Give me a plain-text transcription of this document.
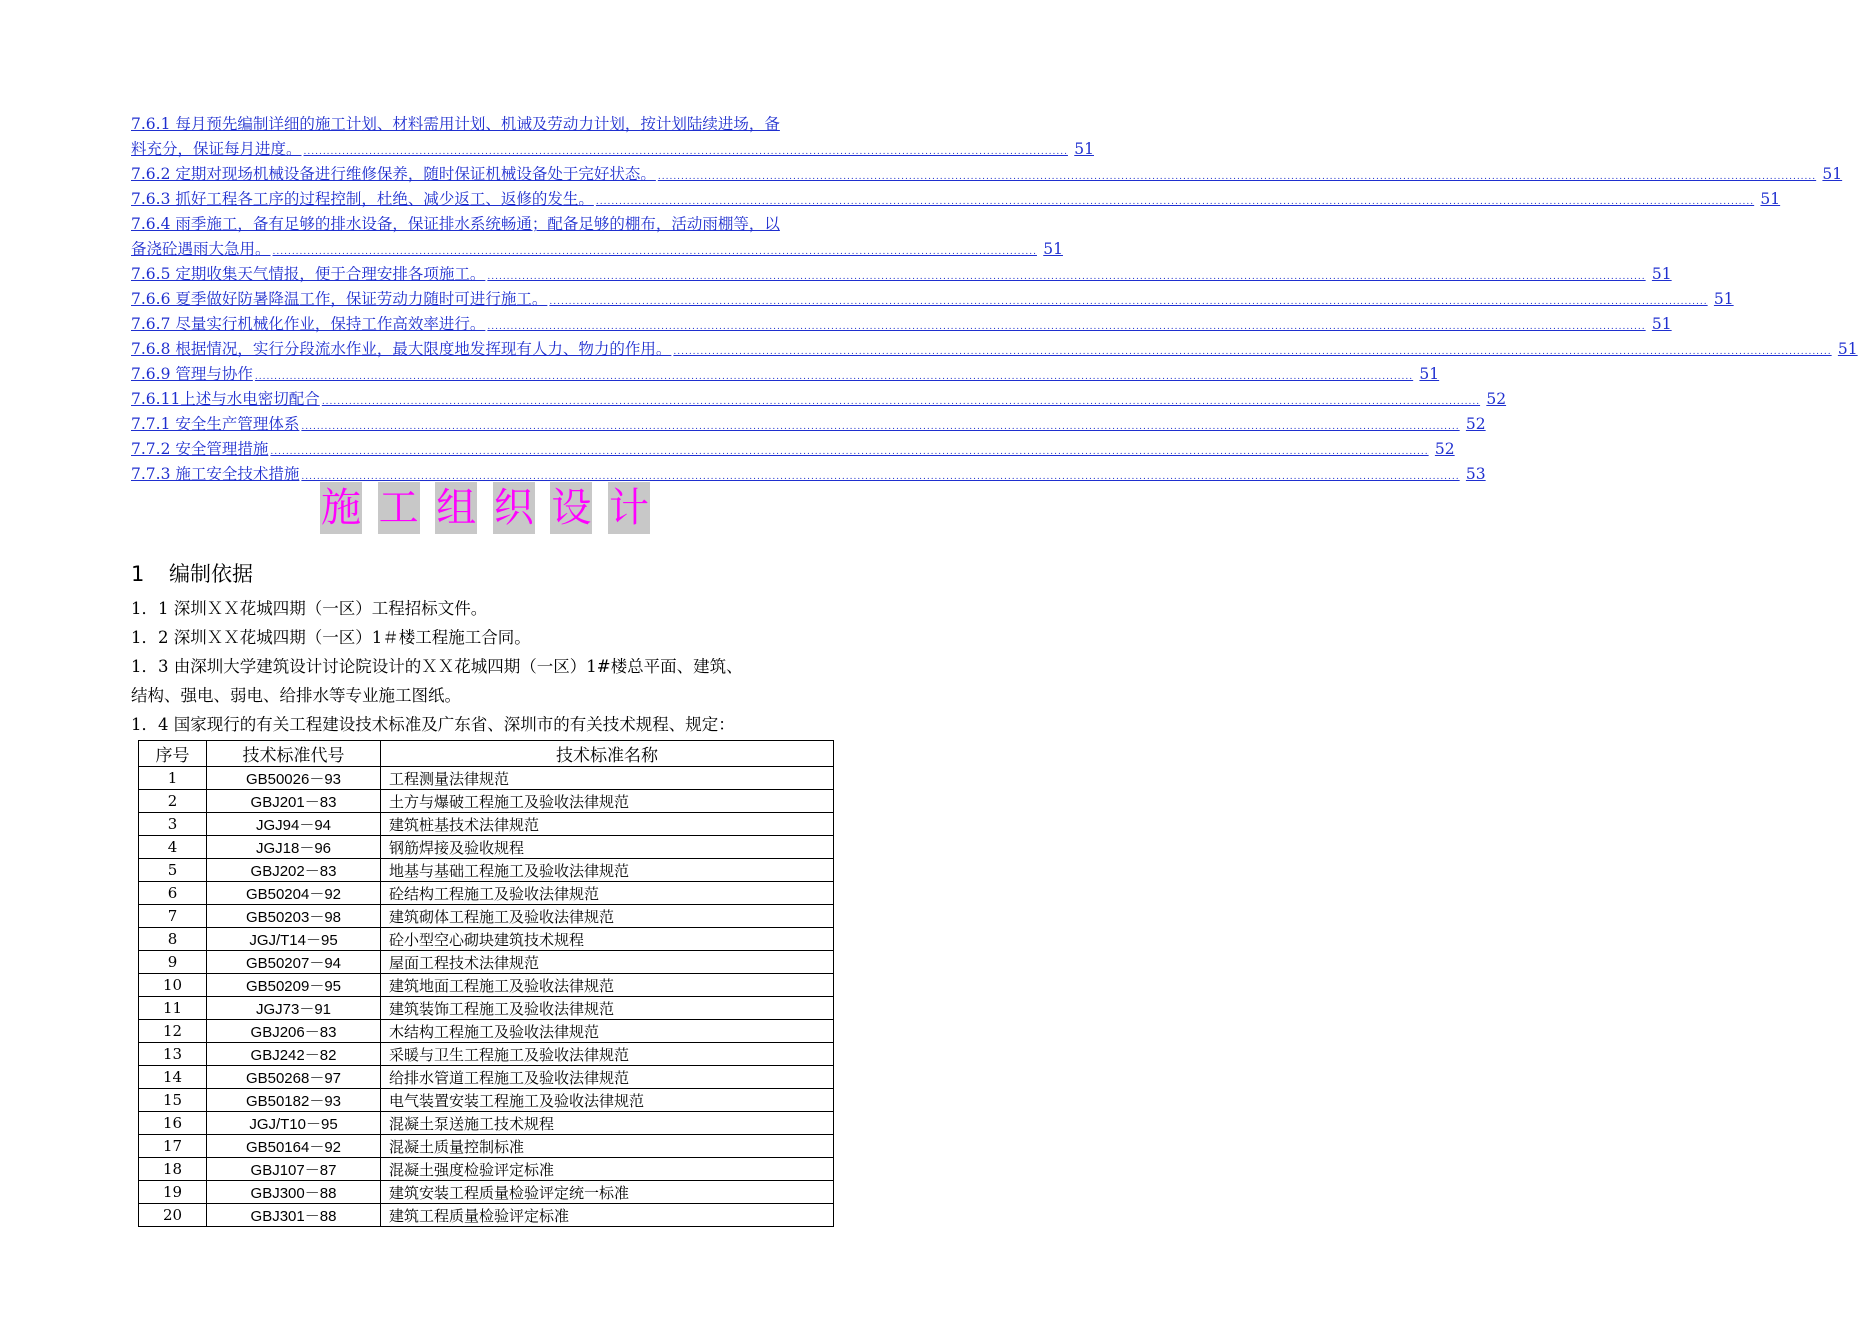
7.6.1 每月预先编制详细的施工计划、材料需用计划、机诫及劳动力计划，按计划陆续进场，备
料充分，保证每月进度。 ...................................................................................................................................................................................................... 51
7.6.2 定期对现场机械设备进行维修保养，随时保证机械设备处于完好状态。 ............................................................................................................................................................................................................................................................................................................ 51
7.6.3 抓好工程各工序的过程控制，杜绝、减少返工、返修的发生。 ............................................................................................................................................................................................................................................................................................................ 51
7.6.4 雨季施工，备有足够的排水设备，保证排水系统畅通；配备足够的棚布，活动雨棚等，以
备浇砼遇雨大急用。 ...................................................................................................................................................................................................... 51
7.6.5 定期收集天气情报，便于合理安排各项施工。 ............................................................................................................................................................................................................................................................................................................ 51
7.6.6 夏季做好防暑降温工作，保证劳动力随时可进行施工。 ............................................................................................................................................................................................................................................................................................................ 51
7.6.7 尽量实行机械化作业，保持工作高效率进行。 ............................................................................................................................................................................................................................................................................................................ 51
7.6.8 根据情况，实行分段流水作业，最大限度地发挥现有人力、物力的作用。 ............................................................................................................................................................................................................................................................................................................ 51
7.6.9 管理与协作 ............................................................................................................................................................................................................................................................................................................ 51
7.6.11上述与水电密切配合 ............................................................................................................................................................................................................................................................................................................ 52
7.7.1 安全生产管理体系 ............................................................................................................................................................................................................................................................................................................ 52
7.7.2 安全管理措施 ............................................................................................................................................................................................................................................................................................................ 52
7.7.3 施工安全技术措施 ............................................................................................................................................................................................................................................................................................................ 53
施 工 组 织 设 计
1 编制依据
1．1 深圳ＸＸ花城四期（一区）工程招标文件。
1．2 深圳ＸＸ花城四期（一区）1＃楼工程施工合同。
1．3 由深圳大学建筑设计讨论院设计的ＸＸ花城四期（一区）1#楼总平面、建筑、
结构、强电、弱电、给排水等专业施工图纸。
1．4 国家现行的有关工程建设技术标准及广东省、深圳市的有关技术规程、规定：
序号	技术标准代号	技术标准名称
1	GB50026－93	工程测量法律规范
2	GBJ201－83	土方与爆破工程施工及验收法律规范
3	JGJ94－94	建筑桩基技术法律规范
4	JGJ18－96	钢筋焊接及验收规程
5	GBJ202－83	地基与基础工程施工及验收法律规范
6	GB50204－92	砼结构工程施工及验收法律规范
7	GB50203－98	建筑砌体工程施工及验收法律规范
8	JGJ/T14－95	砼小型空心砌块建筑技术规程
9	GB50207－94	屋面工程技术法律规范
10	GB50209－95	建筑地面工程施工及验收法律规范
11	JGJ73－91	建筑装饰工程施工及验收法律规范
12	GBJ206－83	木结构工程施工及验收法律规范
13	GBJ242－82	采暖与卫生工程施工及验收法律规范
14	GB50268－97	给排水管道工程施工及验收法律规范
15	GB50182－93	电气装置安装工程施工及验收法律规范
16	JGJ/T10－95	混凝土泵送施工技术规程
17	GB50164－92	混凝土质量控制标准
18	GBJ107－87	混凝土强度检验评定标准
19	GBJ300－88	建筑安装工程质量检验评定统一标准
20	GBJ301－88	建筑工程质量检验评定标准
